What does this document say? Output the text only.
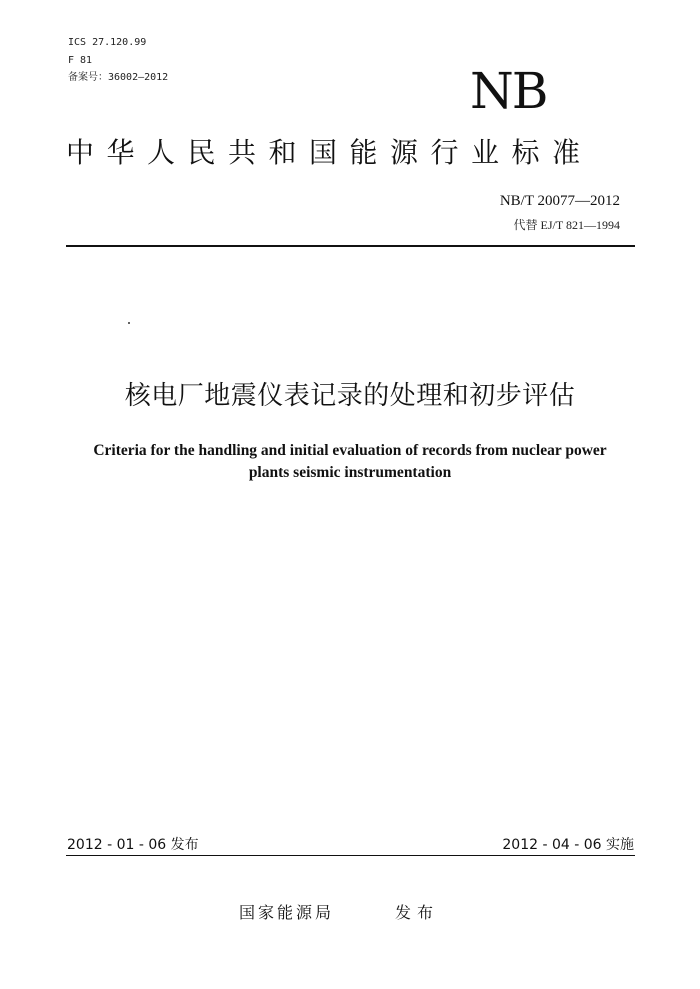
ICS 27.120.99
F 81
备案号：36002—2012	NB
中华人民共和国能源行业标准
NB/T 20077—2012
代替 EJ/T 821—1994
核电厂地震仪表记录的处理和初步评估
Criteria for the handling and initial evaluation of records from nuclear power
plants seismic instrumentation
2012 - 01 - 06 发布	2012 - 04 - 06 实施
国家能源局	发布
